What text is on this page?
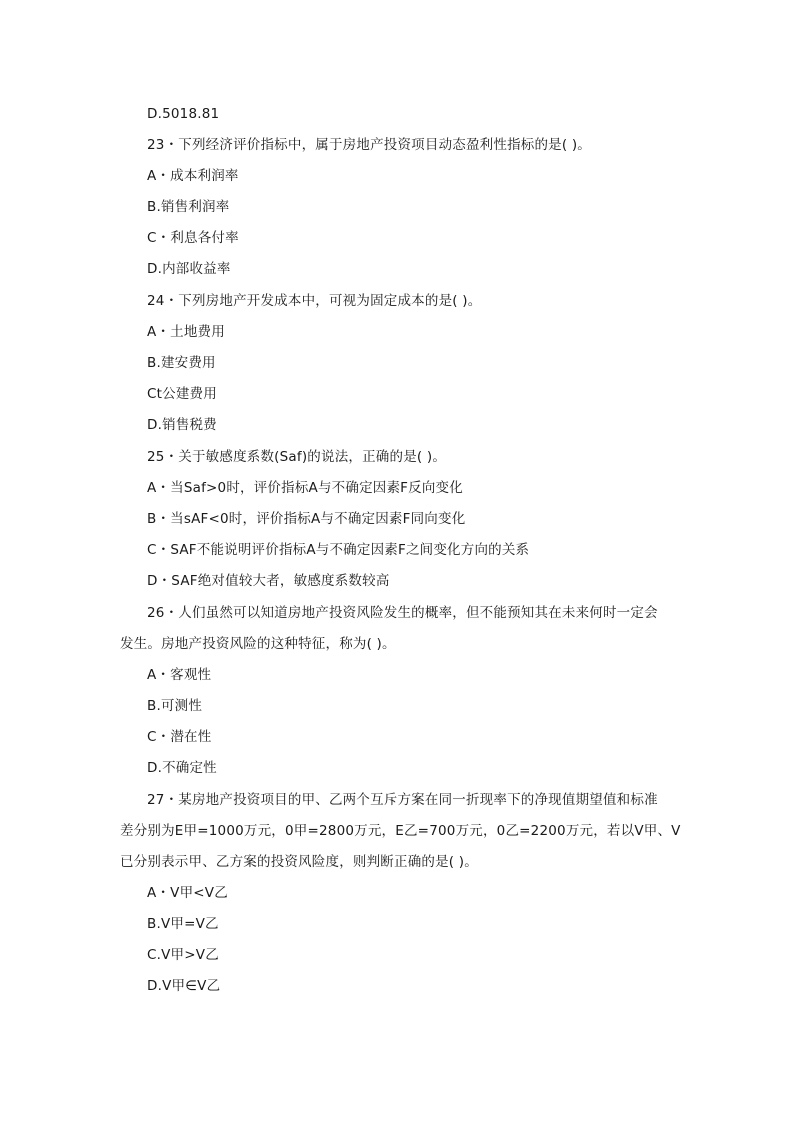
D.5018.81
23・下列经济评价指标中，属于房地产投资项目动态盈利性指标的是( )。
A・成本利润率
B.销售利润率
C・利息各付率
D.内部收益率
24・下列房地产开发成本中，可视为固定成本的是( )。
A・土地费用
B.建安费用
Ct公建费用
D.销售税费
25・关于敏感度系数(Saf)的说法，正确的是( )。
A・当Saf>0时，评价指标A与不确定因素F反向变化
B・当sAF<0时，评价指标A与不确定因素F同向变化
C・SAF不能说明评价指标A与不确定因素F之间变化方向的关系
D・SAF绝对值较大者，敏感度系数较高
26・人们虽然可以知道房地产投资风险发生的概率，但不能预知其在未来何时一定会
发生。房地产投资风险的这种特征，称为( )。
A・客观性
B.可测性
C・潜在性
D.不确定性
27・某房地产投资项目的甲、乙两个互斥方案在同一折现率下的净现值期望值和标准
差分别为E甲=1000万元，0甲=2800万元，E乙=700万元，0乙=2200万元，若以V甲、V
已分别表示甲、乙方案的投资风险度，则判断正确的是( )。
A・V甲<V乙
B.V甲=V乙
C.V甲>V乙
D.V甲∈V乙
